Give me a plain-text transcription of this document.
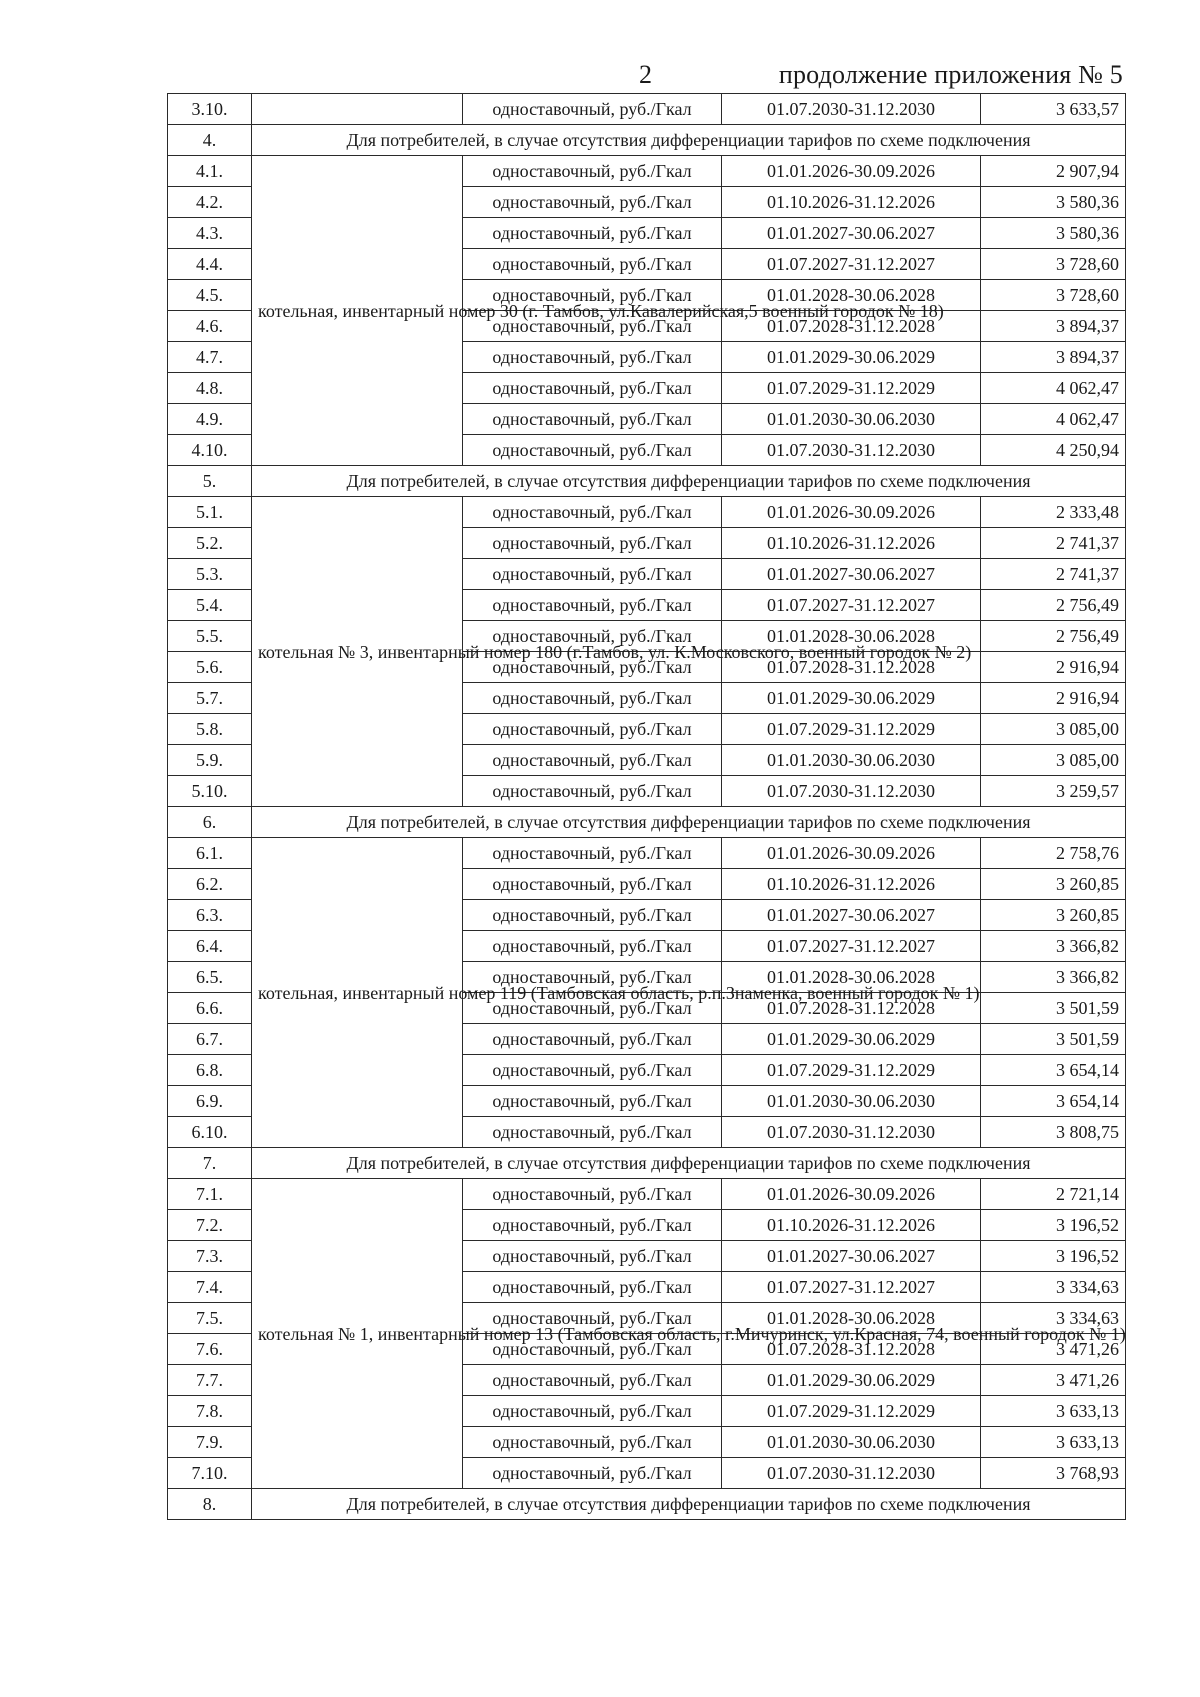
2	продолжение приложения № 5
3.10.		одноставочный, руб./Гкал	01.07.2030-31.12.2030	3 633,57
4.	Для потребителей, в случае отсутствия дифференциации тарифов по схеме подключения			
4.1.	котельная, инвентарный номер 30 (г. Тамбов, ул.Кавалерийская,5 военный городок № 18)	одноставочный, руб./Гкал	01.01.2026-30.09.2026	2 907,94
4.2.		одноставочный, руб./Гкал	01.10.2026-31.12.2026	3 580,36
4.3.		одноставочный, руб./Гкал	01.01.2027-30.06.2027	3 580,36
4.4.		одноставочный, руб./Гкал	01.07.2027-31.12.2027	3 728,60
4.5.		одноставочный, руб./Гкал	01.01.2028-30.06.2028	3 728,60
4.6.		одноставочный, руб./Гкал	01.07.2028-31.12.2028	3 894,37
4.7.		одноставочный, руб./Гкал	01.01.2029-30.06.2029	3 894,37
4.8.		одноставочный, руб./Гкал	01.07.2029-31.12.2029	4 062,47
4.9.		одноставочный, руб./Гкал	01.01.2030-30.06.2030	4 062,47
4.10.		одноставочный, руб./Гкал	01.07.2030-31.12.2030	4 250,94
5.	Для потребителей, в случае отсутствия дифференциации тарифов по схеме подключения			
5.1.	котельная № 3, инвентарный номер 180 (г.Тамбов, ул. К.Московского, военный городок № 2)	одноставочный, руб./Гкал	01.01.2026-30.09.2026	2 333,48
5.2.		одноставочный, руб./Гкал	01.10.2026-31.12.2026	2 741,37
5.3.		одноставочный, руб./Гкал	01.01.2027-30.06.2027	2 741,37
5.4.		одноставочный, руб./Гкал	01.07.2027-31.12.2027	2 756,49
5.5.		одноставочный, руб./Гкал	01.01.2028-30.06.2028	2 756,49
5.6.		одноставочный, руб./Гкал	01.07.2028-31.12.2028	2 916,94
5.7.		одноставочный, руб./Гкал	01.01.2029-30.06.2029	2 916,94
5.8.		одноставочный, руб./Гкал	01.07.2029-31.12.2029	3 085,00
5.9.		одноставочный, руб./Гкал	01.01.2030-30.06.2030	3 085,00
5.10.		одноставочный, руб./Гкал	01.07.2030-31.12.2030	3 259,57
6.	Для потребителей, в случае отсутствия дифференциации тарифов по схеме подключения			
6.1.	котельная, инвентарный номер 119 (Тамбовская область, р.п.Знаменка, военный городок № 1)	одноставочный, руб./Гкал	01.01.2026-30.09.2026	2 758,76
6.2.		одноставочный, руб./Гкал	01.10.2026-31.12.2026	3 260,85
6.3.		одноставочный, руб./Гкал	01.01.2027-30.06.2027	3 260,85
6.4.		одноставочный, руб./Гкал	01.07.2027-31.12.2027	3 366,82
6.5.		одноставочный, руб./Гкал	01.01.2028-30.06.2028	3 366,82
6.6.		одноставочный, руб./Гкал	01.07.2028-31.12.2028	3 501,59
6.7.		одноставочный, руб./Гкал	01.01.2029-30.06.2029	3 501,59
6.8.		одноставочный, руб./Гкал	01.07.2029-31.12.2029	3 654,14
6.9.		одноставочный, руб./Гкал	01.01.2030-30.06.2030	3 654,14
6.10.		одноставочный, руб./Гкал	01.07.2030-31.12.2030	3 808,75
7.	Для потребителей, в случае отсутствия дифференциации тарифов по схеме подключения			
7.1.	котельная № 1, инвентарный номер 13 (Тамбовская область, г.Мичуринск, ул.Красная, 74, военный городок № 1)	одноставочный, руб./Гкал	01.01.2026-30.09.2026	2 721,14
7.2.		одноставочный, руб./Гкал	01.10.2026-31.12.2026	3 196,52
7.3.		одноставочный, руб./Гкал	01.01.2027-30.06.2027	3 196,52
7.4.		одноставочный, руб./Гкал	01.07.2027-31.12.2027	3 334,63
7.5.		одноставочный, руб./Гкал	01.01.2028-30.06.2028	3 334,63
7.6.		одноставочный, руб./Гкал	01.07.2028-31.12.2028	3 471,26
7.7.		одноставочный, руб./Гкал	01.01.2029-30.06.2029	3 471,26
7.8.		одноставочный, руб./Гкал	01.07.2029-31.12.2029	3 633,13
7.9.		одноставочный, руб./Гкал	01.01.2030-30.06.2030	3 633,13
7.10.		одноставочный, руб./Гкал	01.07.2030-31.12.2030	3 768,93
8.	Для потребителей, в случае отсутствия дифференциации тарифов по схеме подключения			
